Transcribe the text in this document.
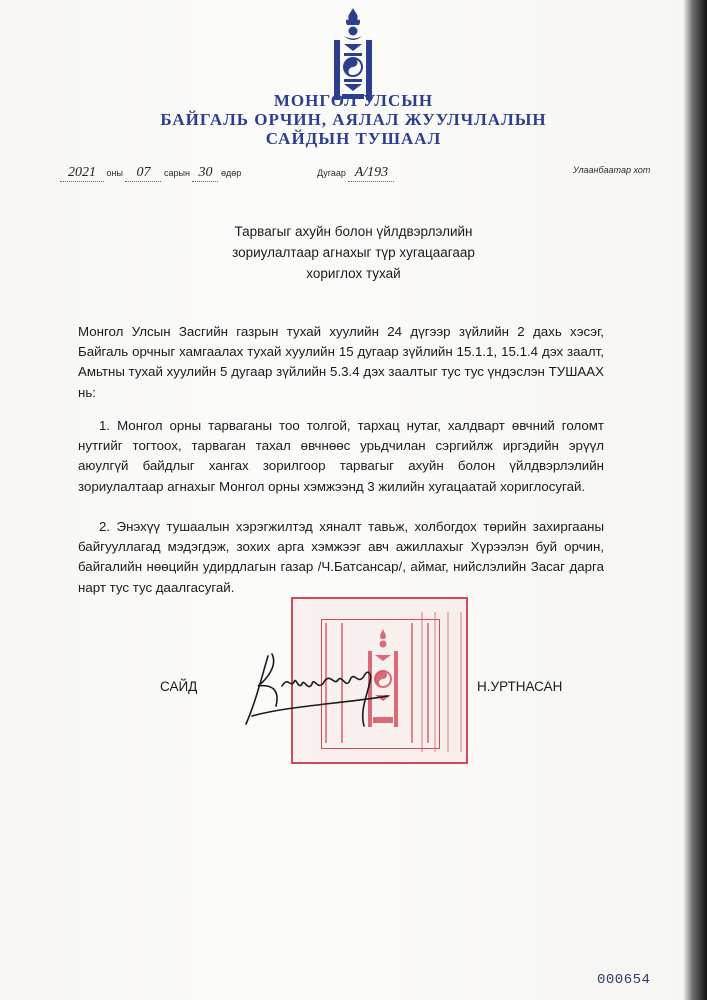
МОНГОЛ УЛСЫН
БАЙГАЛЬ ОРЧИН, АЯЛАЛ ЖУУЛЧЛАЛЫН
САЙДЫН ТУШААЛ
2021 оны 07 сарын 30 өдөр	Дугаар А/193	Улаанбаатар хот
Тарвагыг ахуйн болон үйлдвэрлэлийн
зориулалтаар агнахыг түр хугацаагаар
хориглох тухай

Монгол Улсын Засгийн газрын тухай хуулийн 24 дүгээр зүйлийн 2 дахь хэсэг, Байгаль орчныг хамгаалах тухай хуулийн 15 дугаар зүйлийн 15.1.1, 15.1.4 дэх заалт, Амьтны тухай хуулийн 5 дугаар зүйлийн 5.3.4 дэх заалтыг тус тус үндэслэн ТУШААХ нь:

1. Монгол орны тарваганы тоо толгой, тархац нутаг, халдварт өвчний голомт нутгийг тогтоох, тарваган тахал өвчнөөс урьдчилан сэргийлж иргэдийн эрүүл аюулгүй байдлыг хангах зорилгоор тарвагыг ахуйн болон үйлдвэрлэлийн зориулалтаар агнахыг Монгол орны хэмжээнд 3 жилийн хугацаатай хориглосугай.

2. Энэхүү тушаалын хэрэгжилтэд хяналт тавьж, холбогдох төрийн захиргааны байгууллагад мэдэгдэж, зохих арга хэмжээг авч ажиллахыг Хүрээлэн буй орчин, байгалийн нөөцийн удирдлагын газар /Ч.Батсансар/, аймаг, нийслэлийн Засаг дарга нарт тус тус даалгасугай.

САЙД	Н.УРТНАСАН
000654
